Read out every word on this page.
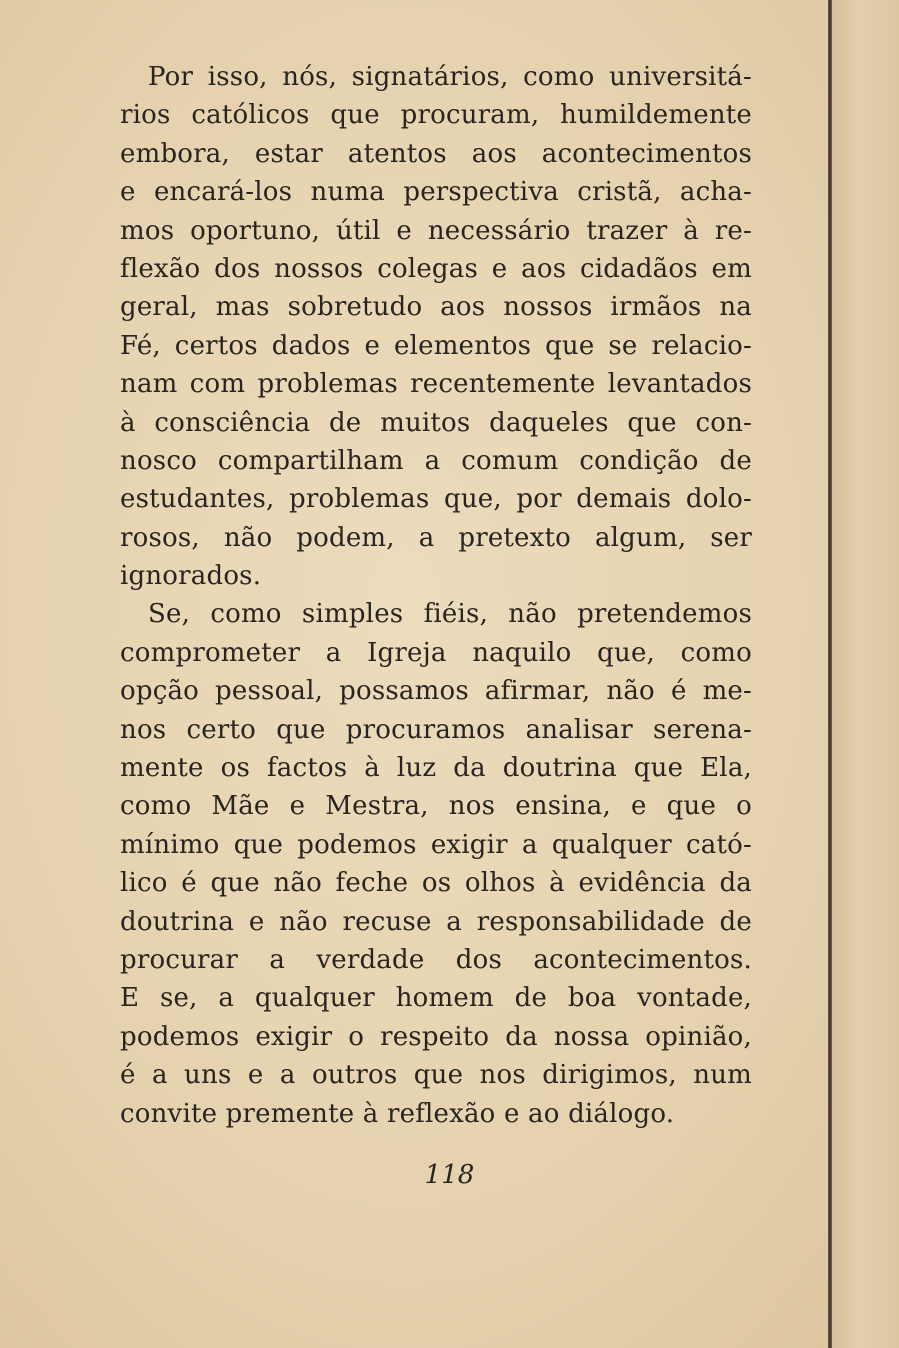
Por isso, nós, signatários, como universitá-
rios católicos que procuram, humildemente
embora, estar atentos aos acontecimentos
e encará-los numa perspectiva cristã, acha-
mos oportuno, útil e necessário trazer à re-
flexão dos nossos colegas e aos cidadãos em
geral, mas sobretudo aos nossos irmãos na
Fé, certos dados e elementos que se relacio-
nam com problemas recentemente levantados
à consciência de muitos daqueles que con-
nosco compartilham a comum condição de
estudantes, problemas que, por demais dolo-
rosos, não podem, a pretexto algum, ser
ignorados.
Se, como simples fiéis, não pretendemos
comprometer a Igreja naquilo que, como
opção pessoal, possamos afirmar, não é me-
nos certo que procuramos analisar serena-
mente os factos à luz da doutrina que Ela,
como Mãe e Mestra, nos ensina, e que o
mínimo que podemos exigir a qualquer cató-
lico é que não feche os olhos à evidência da
doutrina e não recuse a responsabilidade de
procurar a verdade dos acontecimentos.
E se, a qualquer homem de boa vontade,
podemos exigir o respeito da nossa opinião,
é a uns e a outros que nos dirigimos, num
convite premente à reflexão e ao diálogo.
118
